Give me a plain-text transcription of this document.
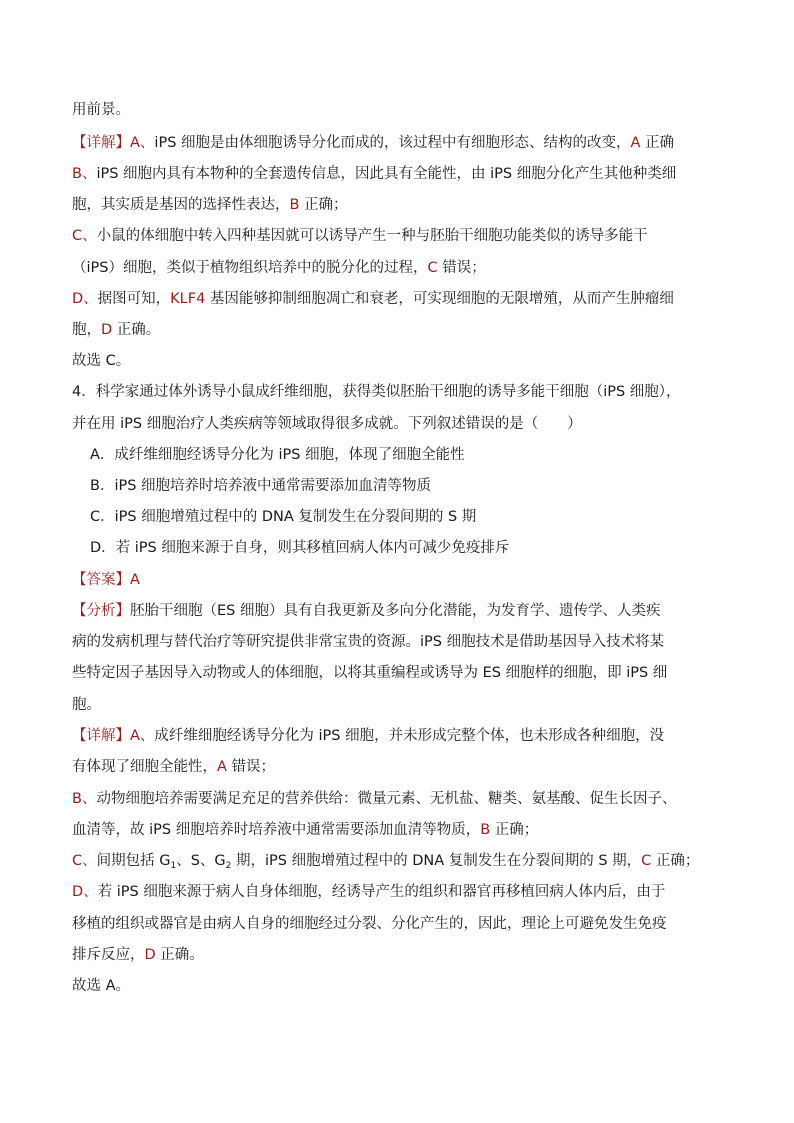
用前景。
【详解】A、iPS 细胞是由体细胞诱导分化而成的，该过程中有细胞形态、结构的改变，A 正确
B、iPS 细胞内具有本物种的全套遗传信息，因此具有全能性，由 iPS 细胞分化产生其他种类细
胞，其实质是基因的选择性表达，B 正确；
C、小鼠的体细胞中转入四种基因就可以诱导产生一种与胚胎干细胞功能类似的诱导多能干
（iPS）细胞，类似于植物组织培养中的脱分化的过程，C 错误；
D、据图可知，KLF4 基因能够抑制细胞凋亡和衰老，可实现细胞的无限增殖，从而产生肿瘤细
胞，D 正确。
故选 C。
4．科学家通过体外诱导小鼠成纤维细胞，获得类似胚胎干细胞的诱导多能干细胞（iPS 细胞），
并在用 iPS 细胞治疗人类疾病等领域取得很多成就。下列叙述错误的是（　　）
A．成纤维细胞经诱导分化为 iPS 细胞，体现了细胞全能性
B．iPS 细胞培养时培养液中通常需要添加血清等物质
C．iPS 细胞增殖过程中的 DNA 复制发生在分裂间期的 S 期
D．若 iPS 细胞来源于自身，则其移植回病人体内可减少免疫排斥
【答案】A
【分析】胚胎干细胞（ES 细胞）具有自我更新及多向分化潜能，为发育学、遗传学、人类疾
病的发病机理与替代治疗等研究提供非常宝贵的资源。iPS 细胞技术是借助基因导入技术将某
些特定因子基因导入动物或人的体细胞，以将其重编程或诱导为 ES 细胞样的细胞，即 iPS 细
胞。
【详解】A、成纤维细胞经诱导分化为 iPS 细胞，并未形成完整个体，也未形成各种细胞，没
有体现了细胞全能性，A 错误；
B、动物细胞培养需要满足充足的营养供给：微量元素、无机盐、糖类、氨基酸、促生长因子、
血清等，故 iPS 细胞培养时培养液中通常需要添加血清等物质，B 正确；
C、间期包括 $G_1$、S、$G_2$ 期，iPS 细胞增殖过程中的 DNA 复制发生在分裂间期的 S 期，C 正确；
D、若 iPS 细胞来源于病人自身体细胞，经诱导产生的组织和器官再移植回病人体内后，由于
移植的组织或器官是由病人自身的细胞经过分裂、分化产生的，因此，理论上可避免发生免疫
排斥反应，D 正确。
故选 A。
